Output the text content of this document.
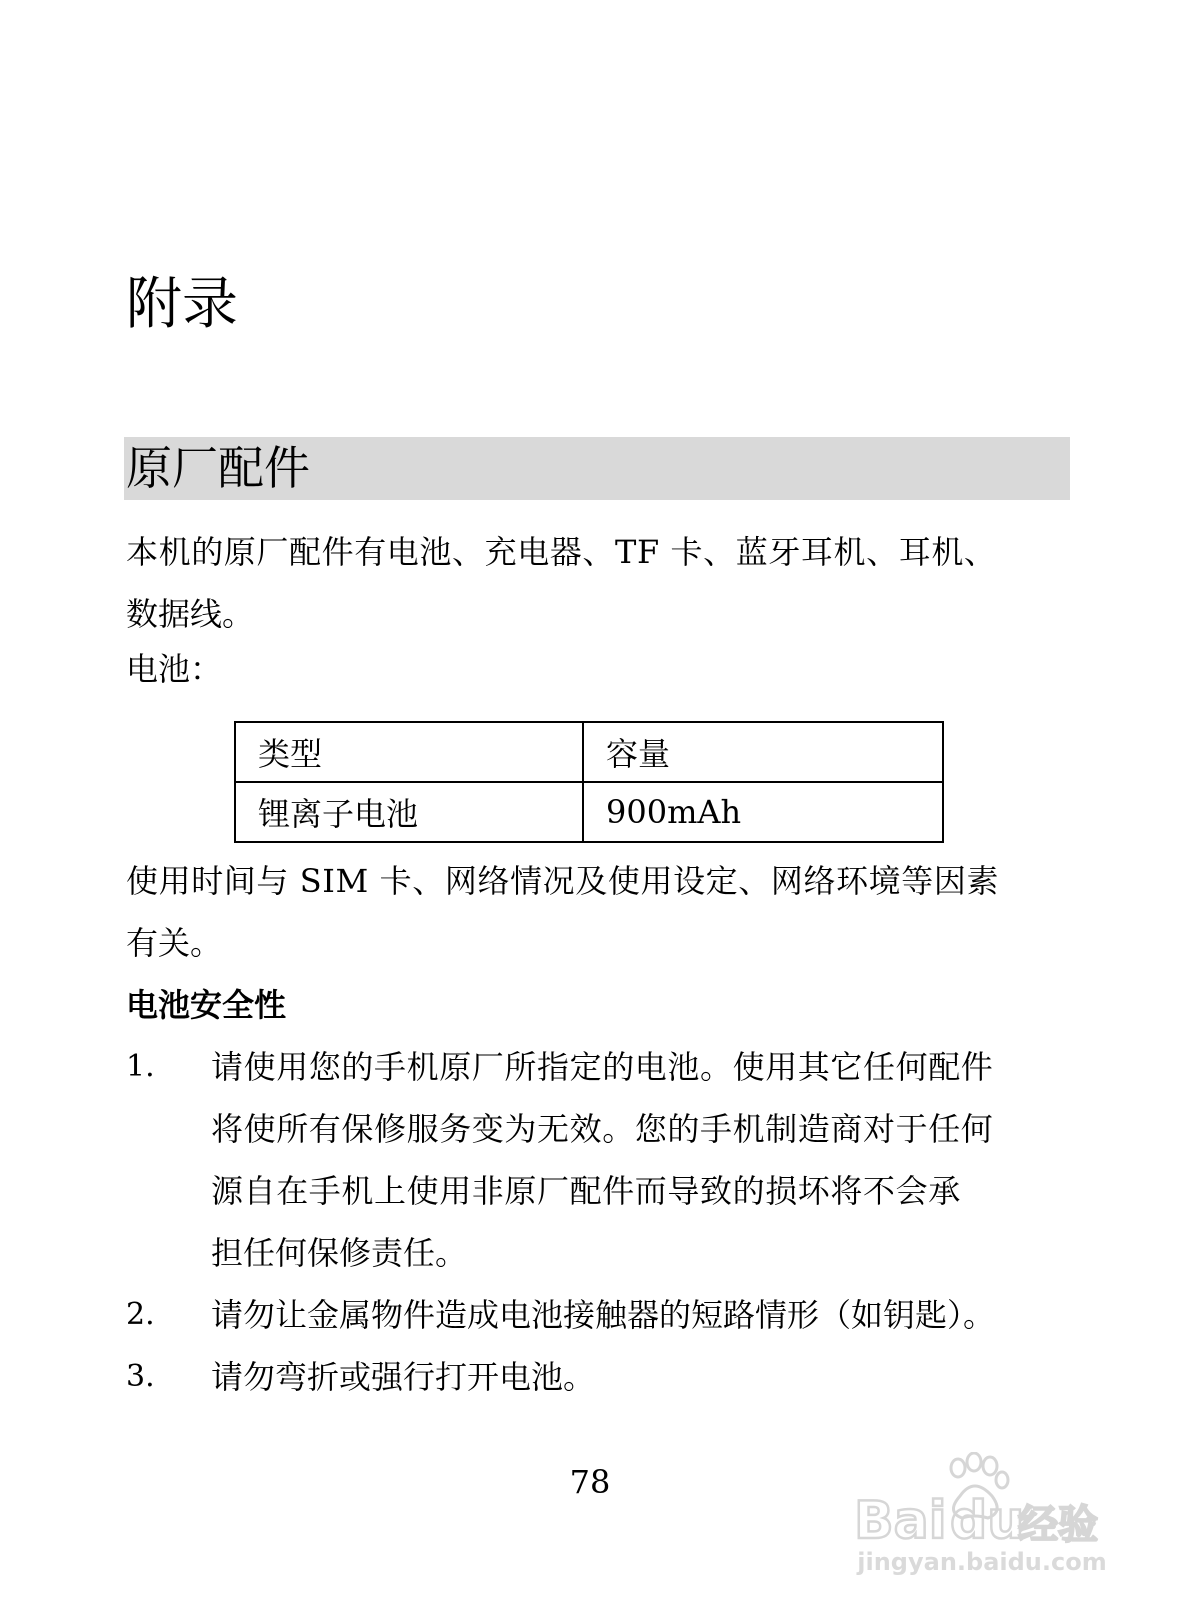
附录
原厂配件

本机的原厂配件有电池、充电器、TF 卡、蓝牙耳机、耳机、

数据线。

电池：

类型	容量
锂离子电池	900mAh

使用时间与 SIM 卡、网络情况及使用设定、网络环境等因素

有关。

电池安全性

1. 请使用您的手机原厂所指定的电池。使用其它任何配件
将使所有保修服务变为无效。您的手机制造商对于任何
源自在手机上使用非原厂配件而导致的损坏将不会承
担任何保修责任。
2. 请勿让金属物件造成电池接触器的短路情形（如钥匙）。
3. 请勿弯折或强行打开电池。
78
Bai du
经验
jingyan.baidu.com
